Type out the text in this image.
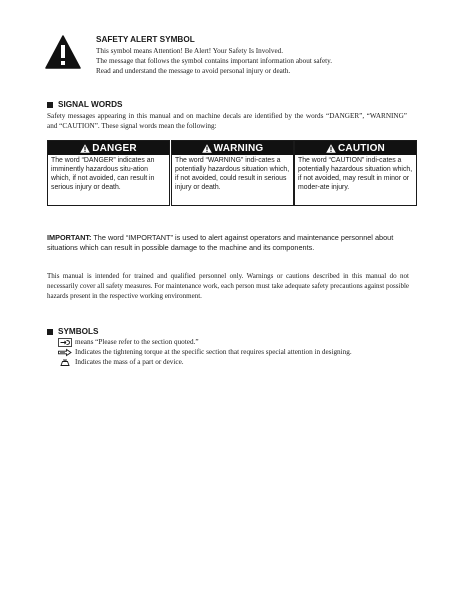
SAFETY ALERT SYMBOL
This symbol means Attention! Be Alert! Your Safety Is Involved.
The message that follows the symbol contains important information about safety.
Read and understand the message to avoid personal injury or death.
SIGNAL WORDS
Safety messages appearing in this manual and on machine decals are identified by the words “DANGER”, “WARNING” and “CAUTION”. These signal words mean the following:
DANGER
The word “DANGER” indicates an imminently hazardous situ-ation which, if not avoided, can result in serious injury or death.
WARNING
The word “WARNING” indi-cates a potentially hazardous situation which, if not avoided, could result in serious injury or death.
CAUTION
The word “CAUTION” indi-cates a potentially hazardous situation which, if not avoided, may result in minor or moder-ate injury.
IMPORTANT: The word “IMPORTANT” is used to alert against operators and maintenance personnel about situations which can result in possible damage to the machine and its components.
This manual is intended for trained and qualified personnel only. Warnings or cautions described in this manual do not necessarily cover all safety measures. For maintenance work, each person must take adequate safety precautions against possible hazards present in the respective working environment.
SYMBOLS
means “Please refer to the section quoted.”
Indicates the tightening torque at the specific section that requires special attention in designing.
Indicates the mass of a part or device.
